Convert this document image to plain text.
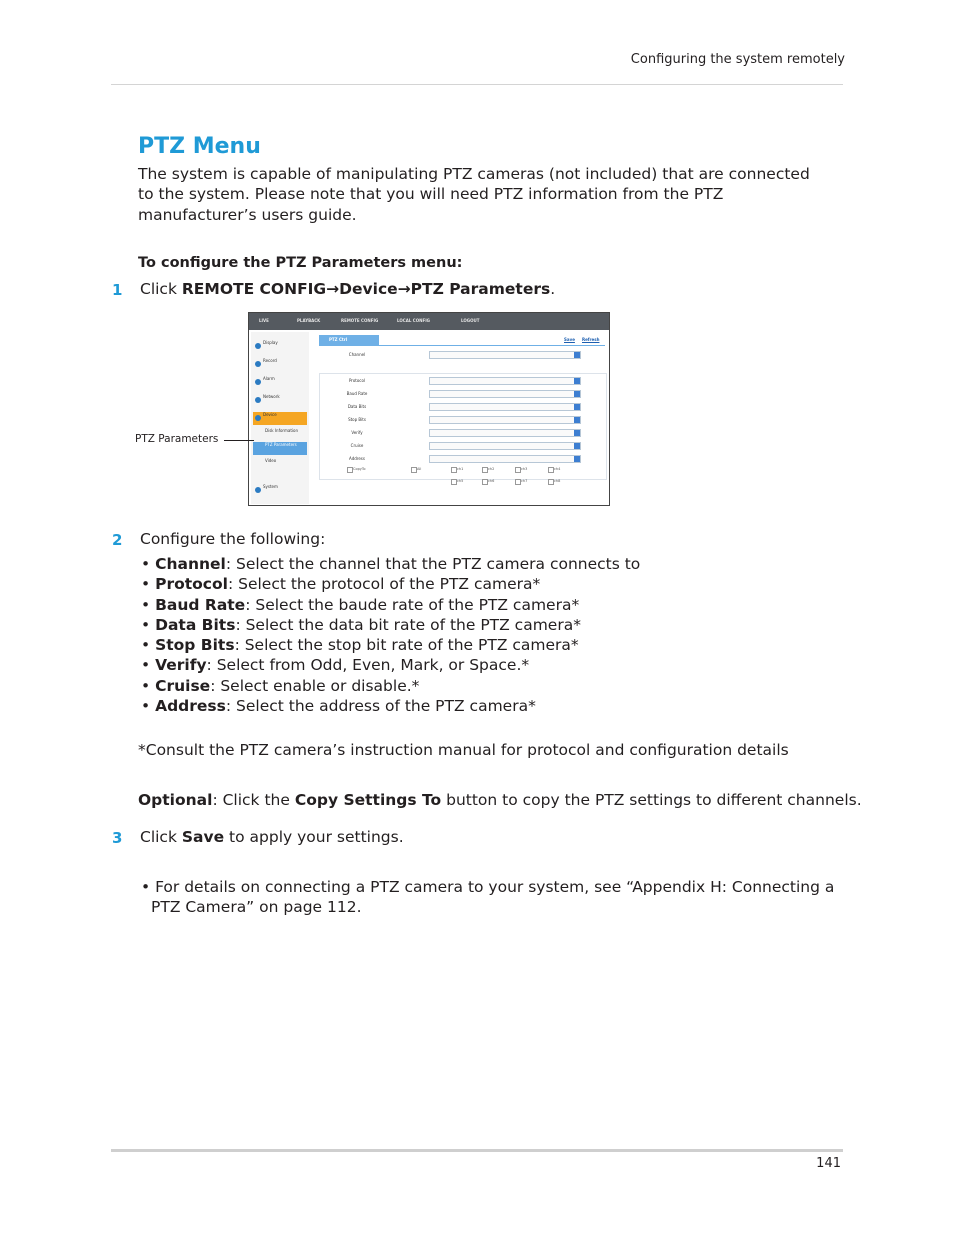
Configuring the system remotely
PTZ Menu
The system is capable of manipulating PTZ cameras (not included) that are connected to the system. Please note that you will need PTZ information from the PTZ manufacturer’s users guide.
To configure the PTZ Parameters menu:
1 Click REMOTE CONFIG→Device→PTZ Parameters.
LIVE	PLAYBACK	REMOTE CONFIG	LOCAL CONFIG	LOGOUT
Display
Record
Alarm
Network
Device
Disk Information
PTZ Parameters
Video
System
PTZ Ctrl	Save Refresh
Channel
Protocol
Baud Rate
Data Bits
Stop Bits
Verify
Cruise
Address
CopyTo	All	ch1	ch2	ch3	ch4
ch5	ch6	ch7	ch8
PTZ Parameters
2 Configure the following:
• Channel: Select the channel that the PTZ camera connects to
• Protocol: Select the protocol of the PTZ camera*
• Baud Rate: Select the baude rate of the PTZ camera*
• Data Bits: Select the data bit rate of the PTZ camera*
• Stop Bits: Select the stop bit rate of the PTZ camera*
• Verify: Select from Odd, Even, Mark, or Space.*
• Cruise: Select enable or disable.*
• Address: Select the address of the PTZ camera*
*Consult the PTZ camera’s instruction manual for protocol and configuration details
Optional: Click the Copy Settings To button to copy the PTZ settings to different channels.
3 Click Save to apply your settings.
• For details on connecting a PTZ camera to your system, see “Appendix H: Connecting a PTZ Camera” on page 112.
141
